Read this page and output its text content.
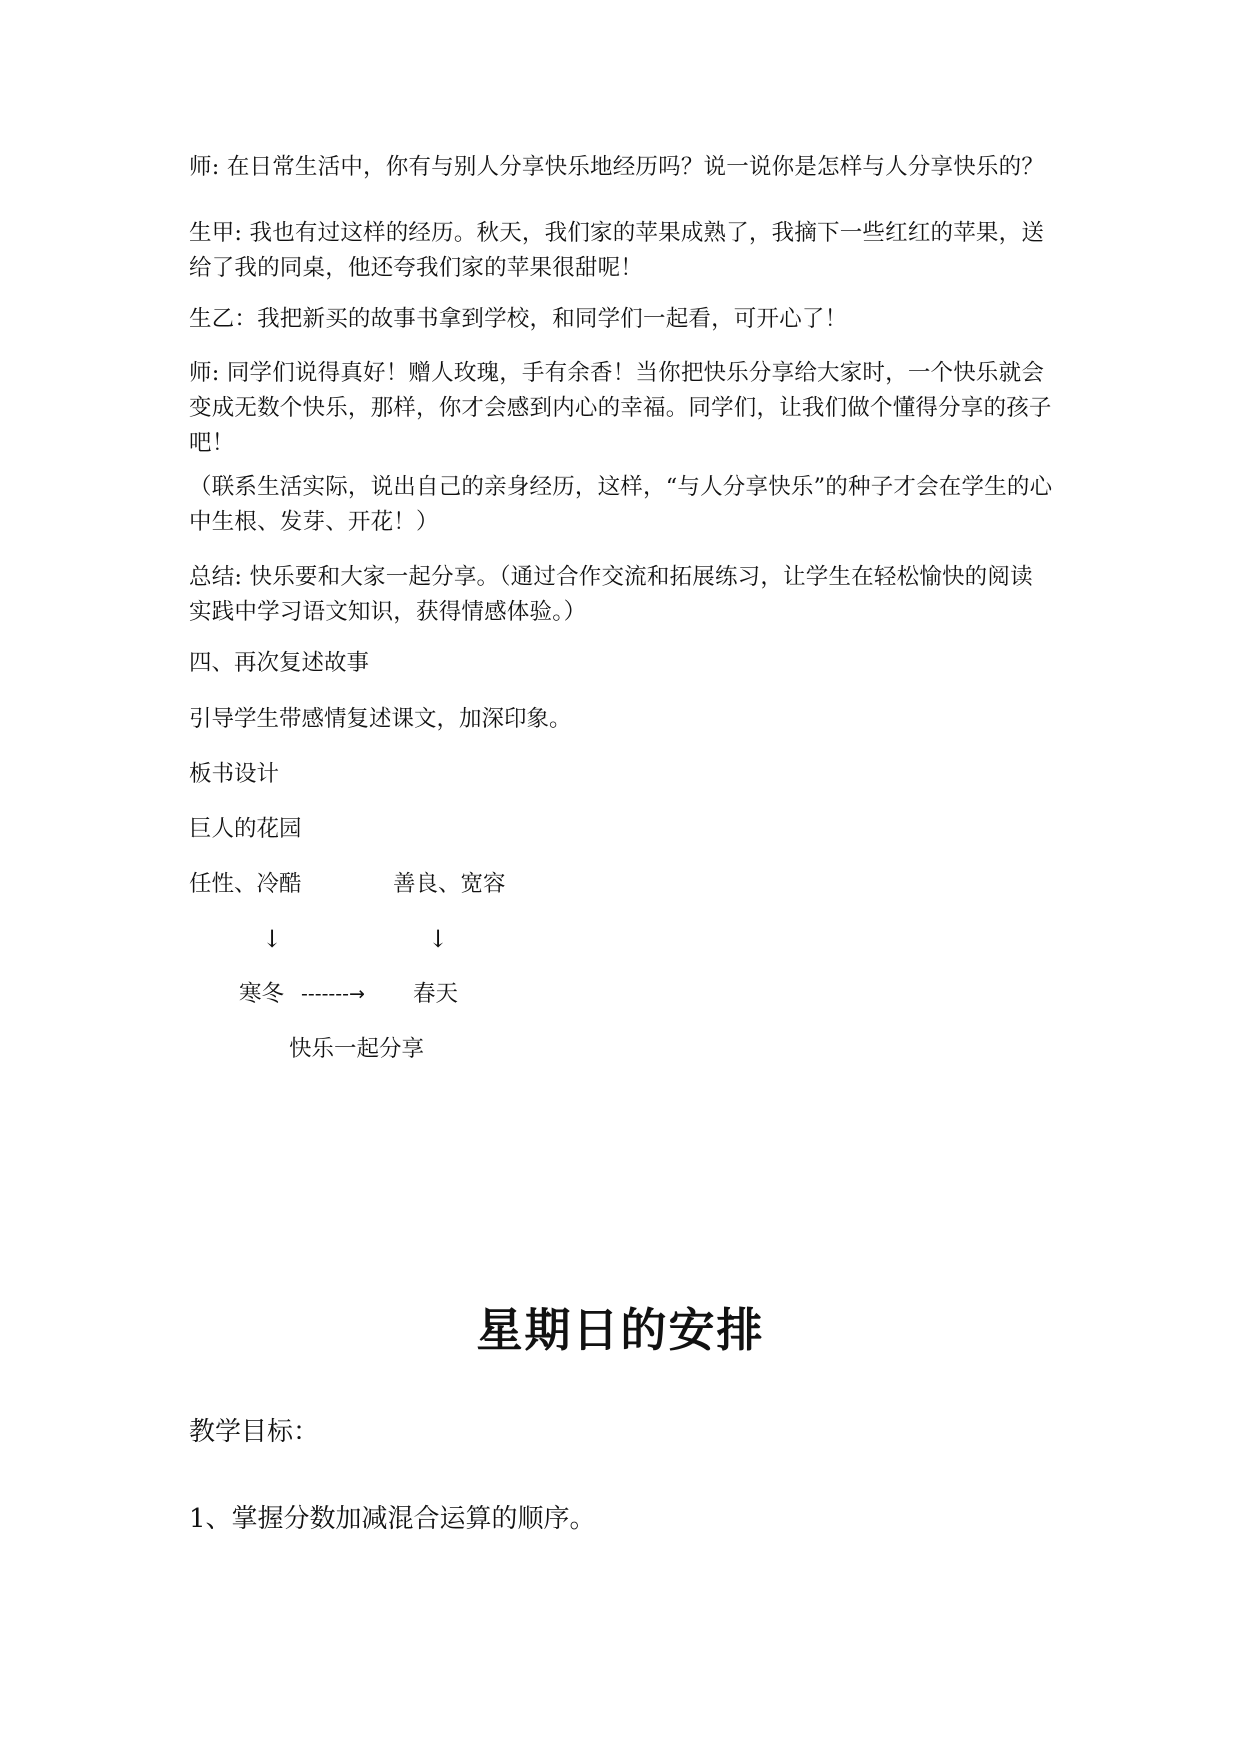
师: 在日常生活中，你有与别人分享快乐地经历吗？说一说你是怎样与人分享快乐的？

生甲: 我也有过这样的经历。秋天，我们家的苹果成熟了，我摘下一些红红的苹果，送给了我的同桌，他还夸我们家的苹果很甜呢！

生乙：我把新买的故事书拿到学校，和同学们一起看，可开心了！

师: 同学们说得真好！赠人玫瑰，手有余香！当你把快乐分享给大家时，一个快乐就会变成无数个快乐，那样，你才会感到内心的幸福。同学们，让我们做个懂得分享的孩子吧！

（联系生活实际，说出自己的亲身经历，这样，“与人分享快乐”的种子才会在学生的心中生根、发芽、开花！）

总结: 快乐要和大家一起分享。（通过合作交流和拓展练习，让学生在轻松愉快的阅读实践中学习语文知识，获得情感体验。）

四、再次复述故事

引导学生带感情复述课文，加深印象。

板书设计

巨人的花园

任性、冷酷	善良、宽容

↓	↓

寒冬 -------→ 春天

快乐一起分享

星期日的安排

教学目标：

1、掌握分数加减混合运算的顺序。
